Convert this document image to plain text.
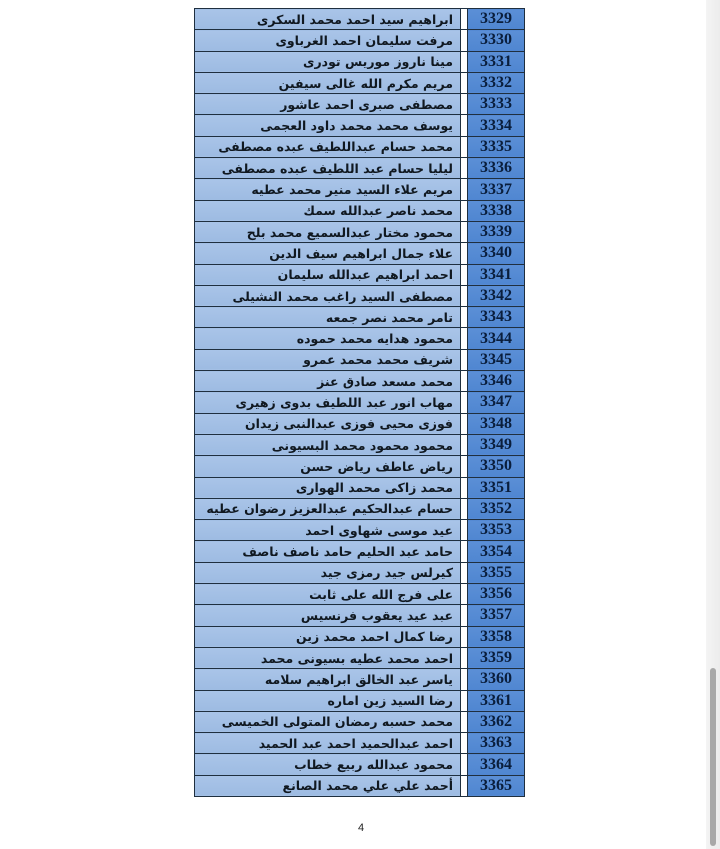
ابراهيم سيد احمد محمد السكرى		3329
مرفت سليمان احمد الغرباوى		3330
مينا ناروز موريس تودرى		3331
مريم مكرم الله غالى سيفين		3332
مصطفى صبرى احمد عاشور		3333
يوسف محمد محمد داود العجمى		3334
محمد حسام عبداللطيف عبده مصطفى		3335
ليليا حسام عبد اللطيف عبده مصطفى		3336
مريم علاء السيد منير محمد عطيه		3337
محمد ناصر عبدالله سمك		3338
محمود مختار عبدالسميع محمد بلح		3339
علاء جمال ابراهيم سيف الدين		3340
احمد ابراهيم عبدالله سليمان		3341
مصطفى السيد راغب محمد النشيلى		3342
تامر محمد نصر جمعه		3343
محمود هدايه محمد حموده		3344
شريف محمد محمد عمرو		3345
محمد مسعد صادق عنز		3346
مهاب انور عبد اللطيف بدوى زهيرى		3347
فوزى محيى فوزى عبدالنبى زيدان		3348
محمود محمود محمد البسيونى		3349
رياض عاطف رياض حسن		3350
محمد زاكى محمد الهوارى		3351
حسام عبدالحكيم عبدالعزيز رضوان عطيه		3352
عيد موسى شهاوى احمد		3353
حامد عبد الحليم حامد ناصف ناصف		3354
كيرلس جيد رمزى جيد		3355
على فرج الله على ثابت		3356
عبد عيد يعقوب فرنسيس		3357
رضا كمال احمد محمد زين		3358
احمد محمد عطيه بسيونى محمد		3359
ياسر عبد الخالق ابراهيم سلامه		3360
رضا السيد زين اماره		3361
محمد حسبه رمضان المتولى الخميسى		3362
احمد عبدالحميد احمد عبد الحميد		3363
محمود عبدالله ربيع خطاب		3364
أحمد علي علي محمد الصانع		3365
4
